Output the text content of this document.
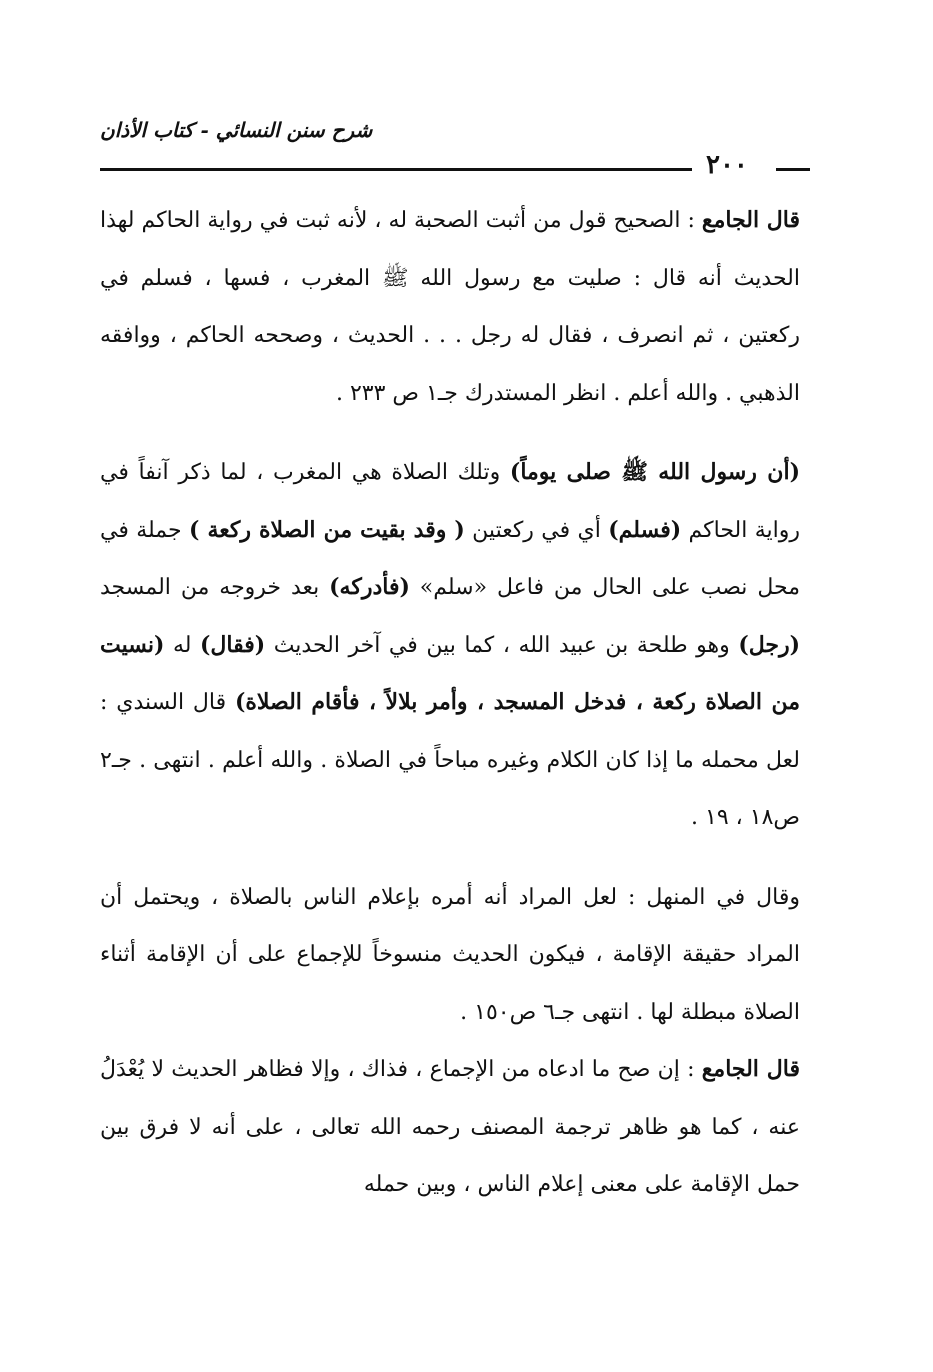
شرح سنن النسائي - كتاب الأذان
٢٠٠

قال الجامع : الصحيح قول من أثبت الصحبة له ، لأنه ثبت في رواية الحاكم لهذا الحديث أنه قال : صليت مع رسول الله ﷺ المغرب ، فسها ، فسلم في ركعتين ، ثم انصرف ، فقال له رجل . . . الحديث ، وصححه الحاكم ، ووافقه الذهبي . والله أعلم . انظر المستدرك جـ١ ص ٢٣٣ .

(أن رسول الله ﷺ صلى يوماً) وتلك الصلاة هي المغرب ، لما ذكر آنفاً في رواية الحاكم (فسلم) أي في ركعتين ( وقد بقيت من الصلاة ركعة ) جملة في محل نصب على الحال من فاعل «سلم» (فأدركه) بعد خروجه من المسجد (رجل) وهو طلحة بن عبيد الله ، كما بين في آخر الحديث (فقال) له (نسيت من الصلاة ركعة ، فدخل المسجد ، وأمر بلالاً ، فأقام الصلاة) قال السندي : لعل محمله ما إذا كان الكلام وغيره مباحاً في الصلاة . والله أعلم . انتهى . جـ٢ ص١٨ ، ١٩ .

وقال في المنهل : لعل المراد أنه أمره بإعلام الناس بالصلاة ، ويحتمل أن المراد حقيقة الإقامة ، فيكون الحديث منسوخاً للإجماع على أن الإقامة أثناء الصلاة مبطلة لها . انتهى جـ٦ ص١٥٠ .

قال الجامع : إن صح ما ادعاه من الإجماع ، فذاك ، وإلا فظاهر الحديث لا يُعْدَلُ عنه ، كما هو ظاهر ترجمة المصنف رحمه الله تعالى ، على أنه لا فرق بين حمل الإقامة على معنى إعلام الناس ، وبين حمله
